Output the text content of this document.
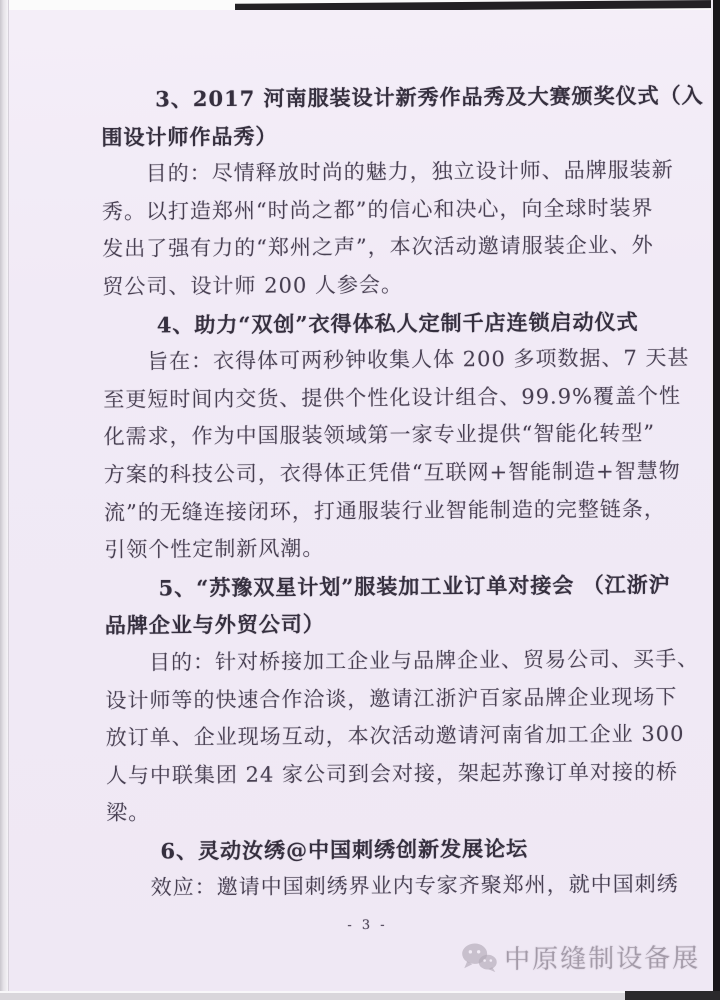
3、2017 河南服装设计新秀作品秀及大赛颁奖仪式（入
围设计师作品秀）
目的：尽情释放时尚的魅力，独立设计师、品牌服装新
秀。以打造郑州“时尚之都”的信心和决心，向全球时装界
发出了强有力的“郑州之声”，本次活动邀请服装企业、外
贸公司、设计师 200 人参会。
4、助力“双创”衣得体私人定制千店连锁启动仪式
旨在：衣得体可两秒钟收集人体 200 多项数据、7 天甚
至更短时间内交货、提供个性化设计组合、99.9%覆盖个性
化需求，作为中国服装领域第一家专业提供“智能化转型”
方案的科技公司，衣得体正凭借“互联网+智能制造+智慧物
流”的无缝连接闭环，打通服装行业智能制造的完整链条，
引领个性定制新风潮。
5、“苏豫双星计划”服装加工业订单对接会 （江浙沪
品牌企业与外贸公司）
目的：针对桥接加工企业与品牌企业、贸易公司、买手、
设计师等的快速合作洽谈，邀请江浙沪百家品牌企业现场下
放订单、企业现场互动，本次活动邀请河南省加工企业 300
人与中联集团 24 家公司到会对接，架起苏豫订单对接的桥
梁。
6、灵动汝绣@中国刺绣创新发展论坛
效应：邀请中国刺绣界业内专家齐聚郑州，就中国刺绣
- 3 -
中原缝制设备展
